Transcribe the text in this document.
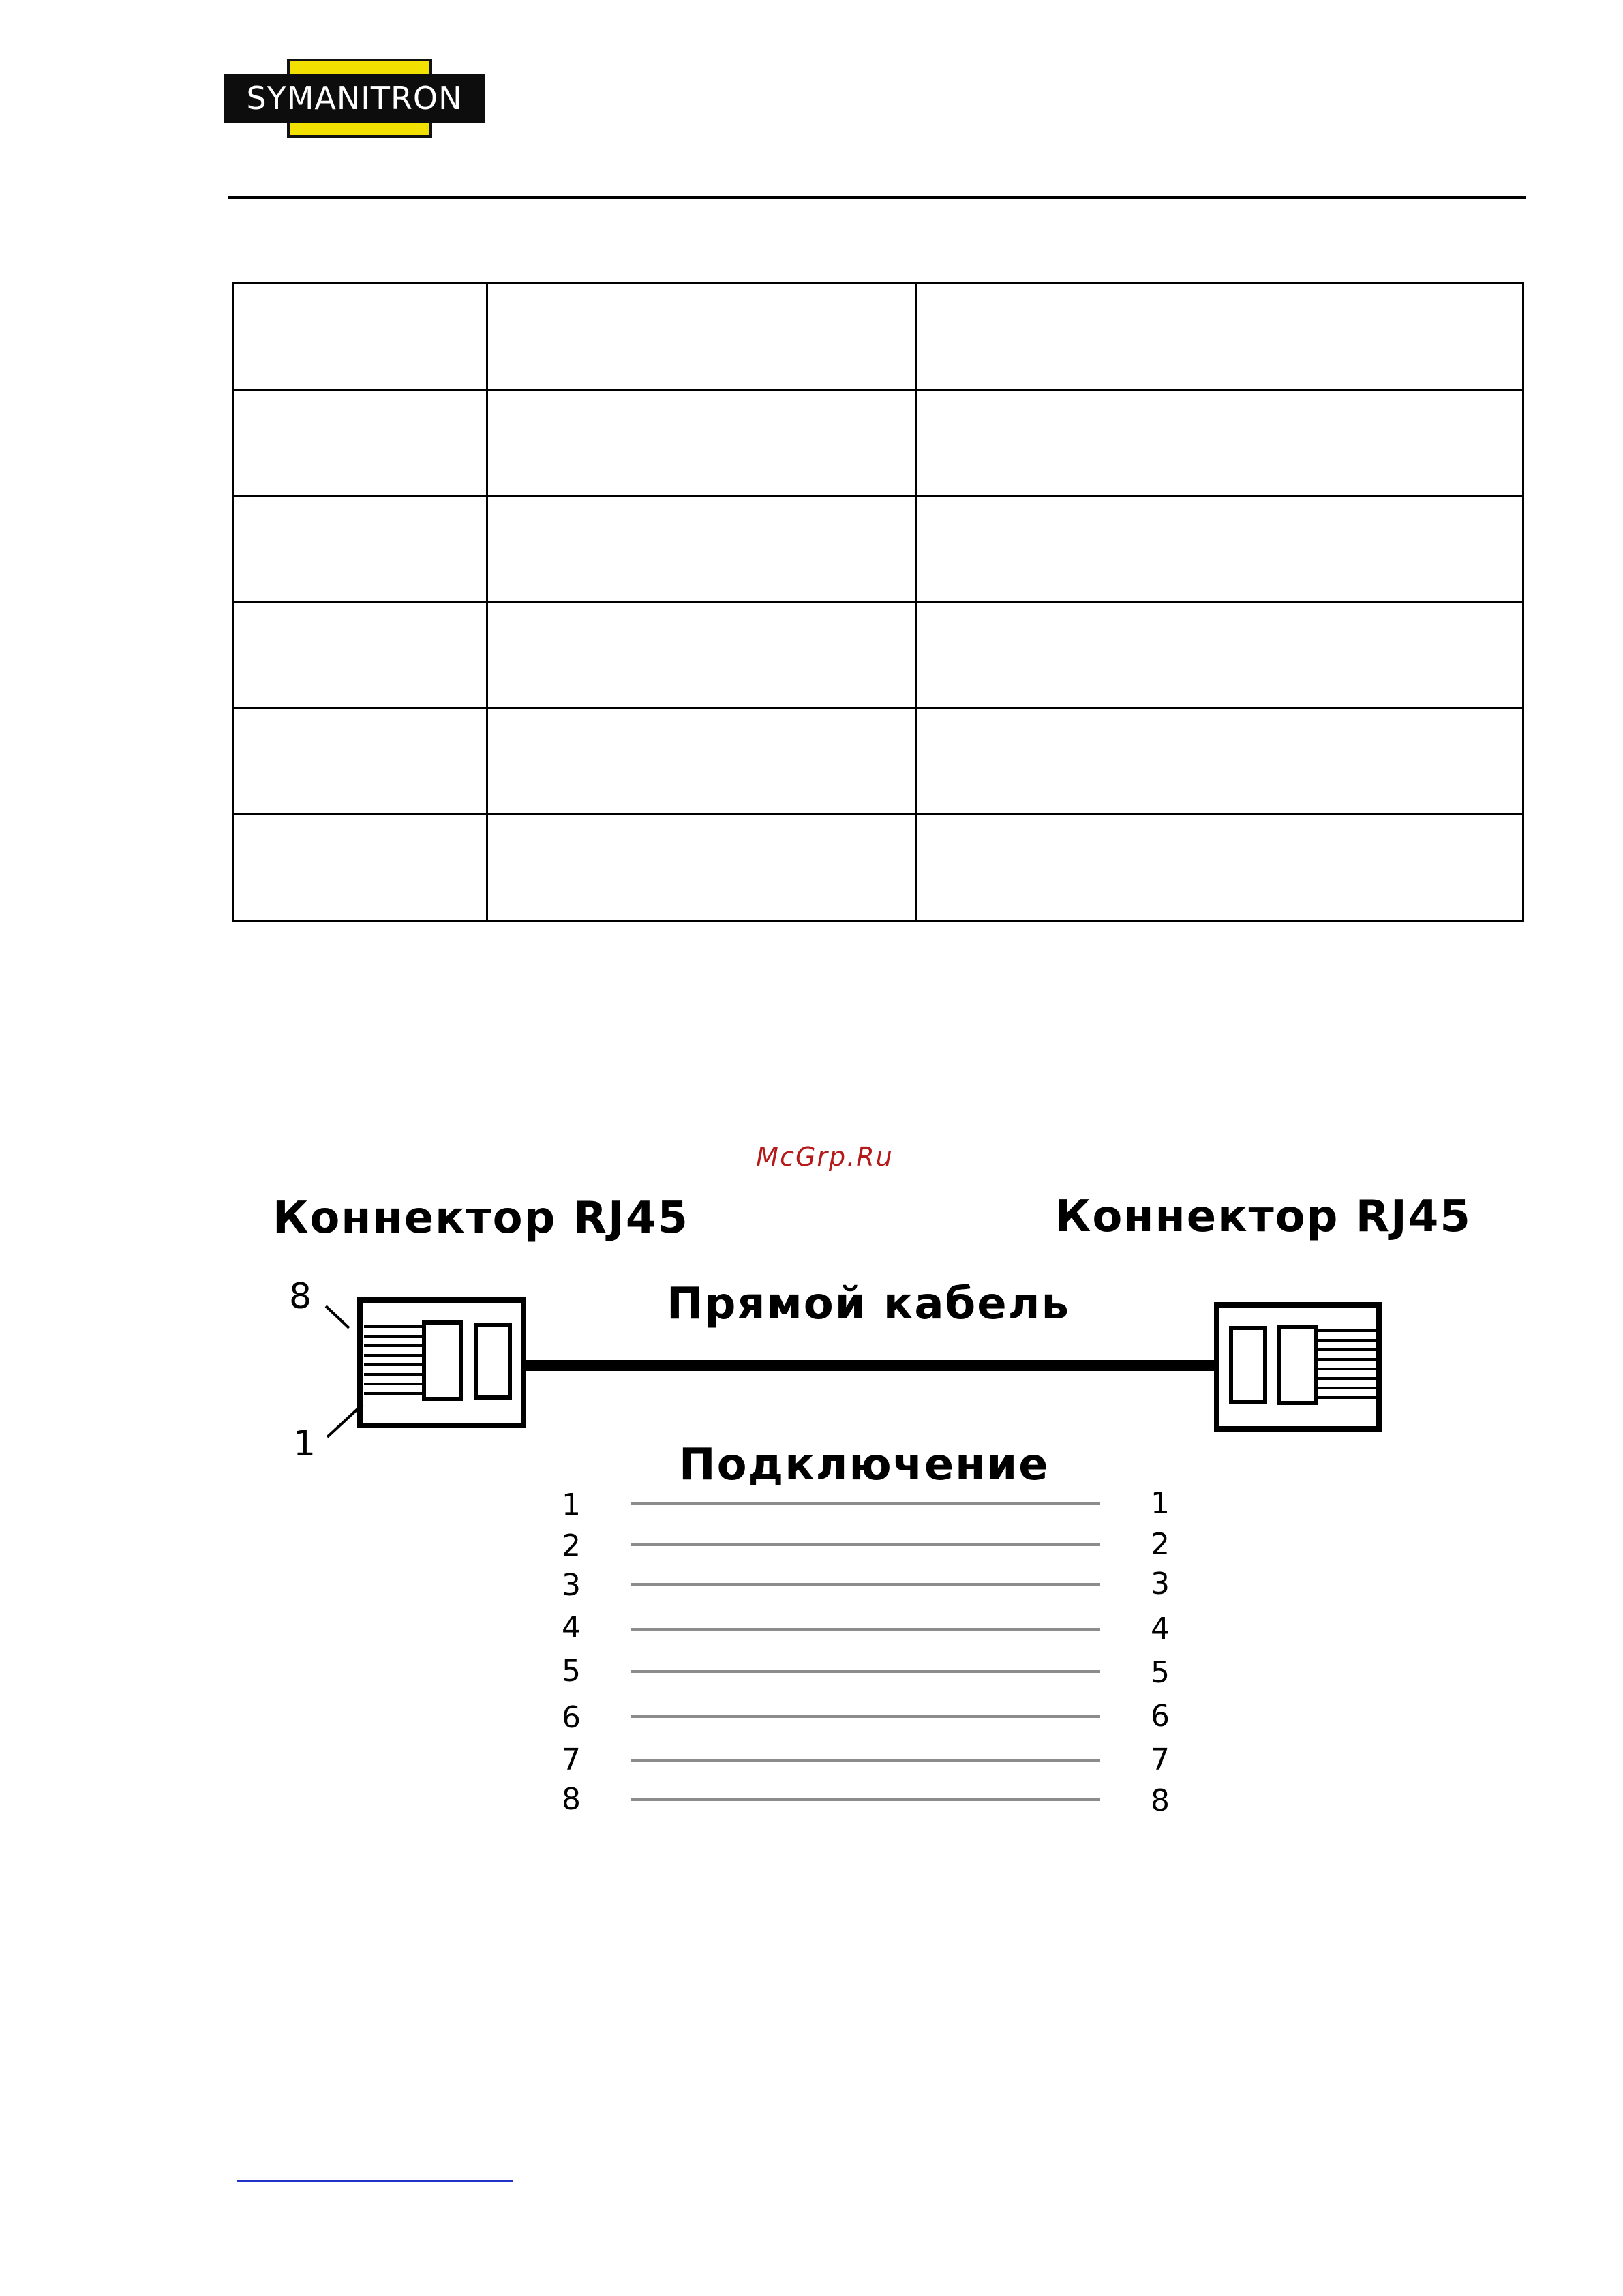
SYMANITRON

McGrp.Ru
Коннектор RJ45	Коннектор RJ45
Прямой кабель
Подключение
8
1
1
2
3
4
5
6
7
8
1
2
3
4
5
6
7
8
